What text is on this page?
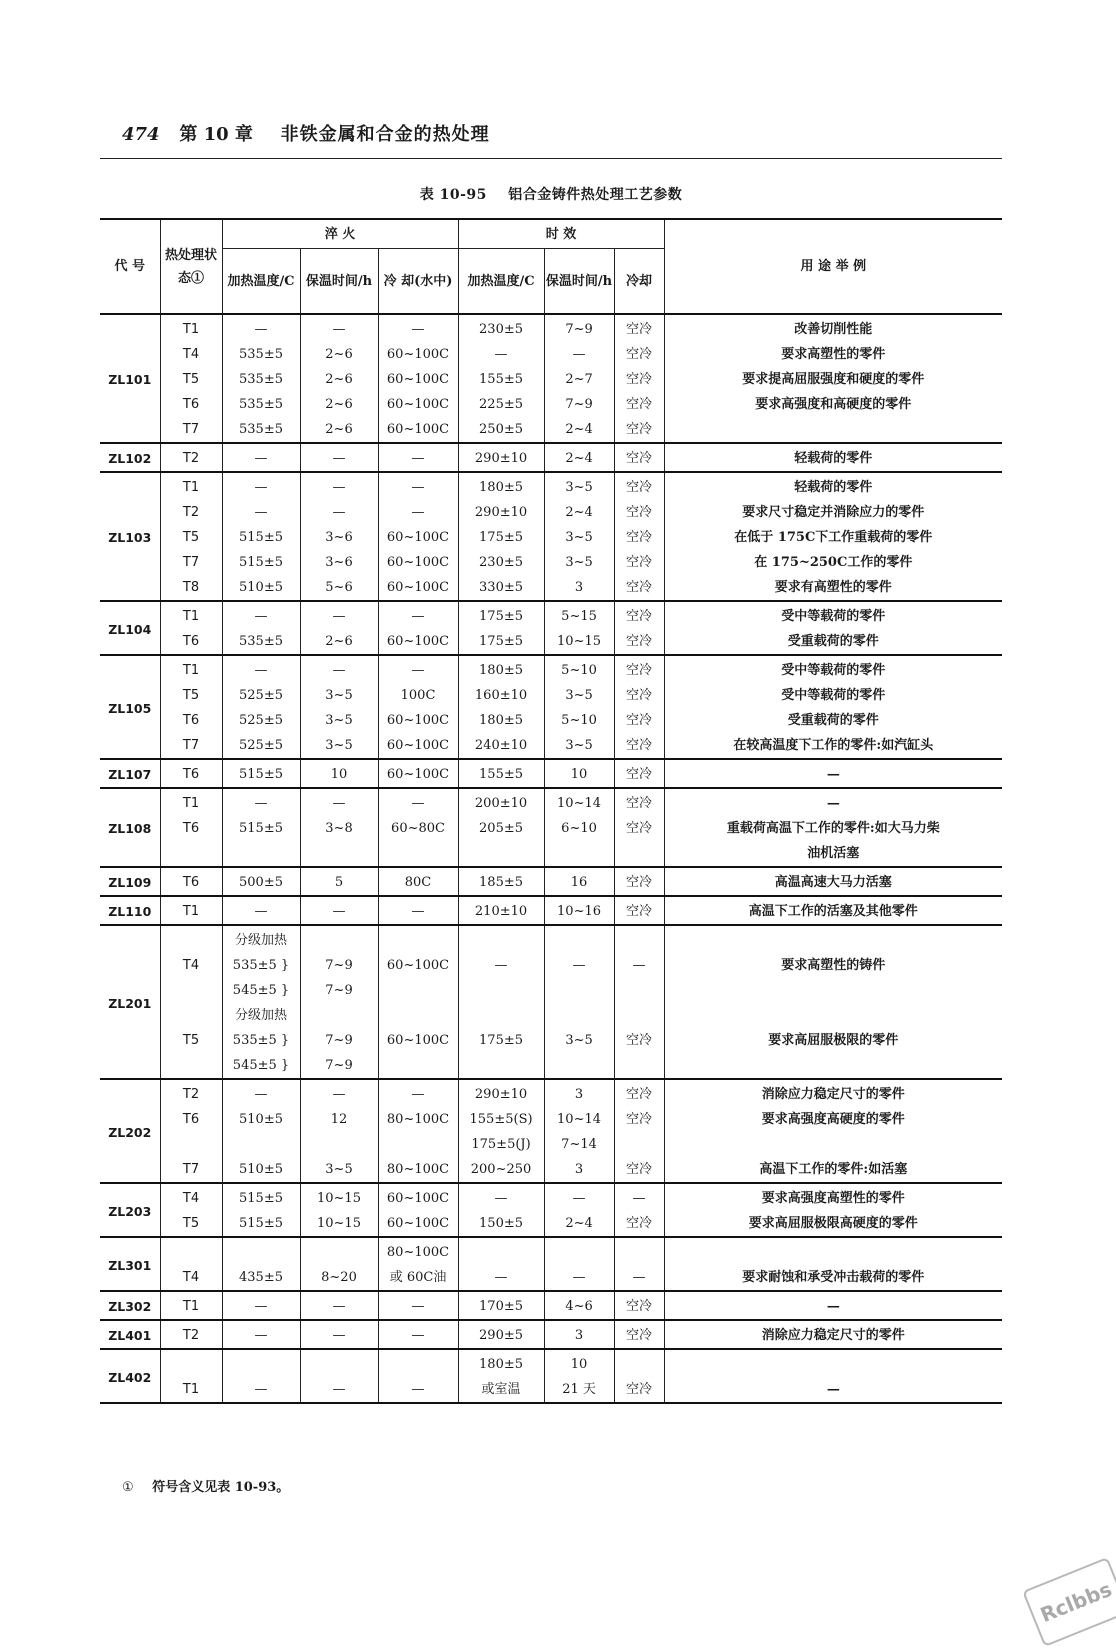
474 第 10 章 非铁金属和合金的热处理
表 10-95 铝合金铸件热处理工艺参数
代 号	热处理状态①	淬 火			时 效			用 途 举 例
		加热温度/C	保温时间/h	冷 却(水中)	加热温度/C	保温时间/h	冷却	
ZL101	T1	—	—	—	230±5	7~9	空冷	改善切削性能
	T4	535±5	2~6	60~100C	—	—	空冷	要求高塑性的零件
	T5	535±5	2~6	60~100C	155±5	2~7	空冷	要求提高屈服强度和硬度的零件
	T6	535±5	2~6	60~100C	225±5	7~9	空冷	要求高强度和高硬度的零件
	T7	535±5	2~6	60~100C	250±5	2~4	空冷	
ZL102	T2	—	—	—	290±10	2~4	空冷	轻载荷的零件
ZL103	T1	—	—	—	180±5	3~5	空冷	轻载荷的零件
	T2	—	—	—	290±10	2~4	空冷	要求尺寸稳定并消除应力的零件
	T5	515±5	3~6	60~100C	175±5	3~5	空冷	在低于 175C下工作重载荷的零件
	T7	515±5	3~6	60~100C	230±5	3~5	空冷	在 175~250C工作的零件
	T8	510±5	5~6	60~100C	330±5	3	空冷	要求有高塑性的零件
ZL104	T1	—	—	—	175±5	5~15	空冷	受中等载荷的零件
	T6	535±5	2~6	60~100C	175±5	10~15	空冷	受重载荷的零件
ZL105	T1	—	—	—	180±5	5~10	空冷	受中等载荷的零件
	T5	525±5	3~5	100C	160±10	3~5	空冷	受中等载荷的零件
	T6	525±5	3~5	60~100C	180±5	5~10	空冷	受重载荷的零件
	T7	525±5	3~5	60~100C	240±10	3~5	空冷	在较高温度下工作的零件:如汽缸头
ZL107	T6	515±5	10	60~100C	155±5	10	空冷	—
ZL108	T1	—	—	—	200±10	10~14	空冷	—
	T6	515±5	3~8	60~80C	205±5	6~10	空冷	重载荷高温下工作的零件:如大马力柴
								油机活塞
ZL109	T6	500±5	5	80C	185±5	16	空冷	高温高速大马力活塞
ZL110	T1	—	—	—	210±10	10~16	空冷	高温下工作的活塞及其他零件
ZL201		分级加热						
	T4	535±5 }	7~9	60~100C	—	—	—	要求高塑性的铸件
		545±5 }	7~9					
		分级加热						
	T5	535±5 }	7~9	60~100C	175±5	3~5	空冷	要求高屈服极限的零件
		545±5 }	7~9					
ZL202	T2	—	—	—	290±10	3	空冷	消除应力稳定尺寸的零件
	T6	510±5	12	80~100C	155±5(S)	10~14	空冷	要求高强度高硬度的零件
					175±5(J)	7~14		
	T7	510±5	3~5	80~100C	200~250	3	空冷	高温下工作的零件:如活塞
ZL203	T4	515±5	10~15	60~100C	—	—	—	要求高强度高塑性的零件
	T5	515±5	10~15	60~100C	150±5	2~4	空冷	要求高屈服极限高硬度的零件
ZL301				80~100C				
	T4	435±5	8~20	或 60C油	—	—	—	要求耐蚀和承受冲击载荷的零件
ZL302	T1	—	—	—	170±5	4~6	空冷	—
ZL401	T2	—	—	—	290±5	3	空冷	消除应力稳定尺寸的零件
ZL402					180±5	10		
	T1	—	—	—	或室温	21 天	空冷	—
① 符号含义见表 10-93。
Rclbbs
